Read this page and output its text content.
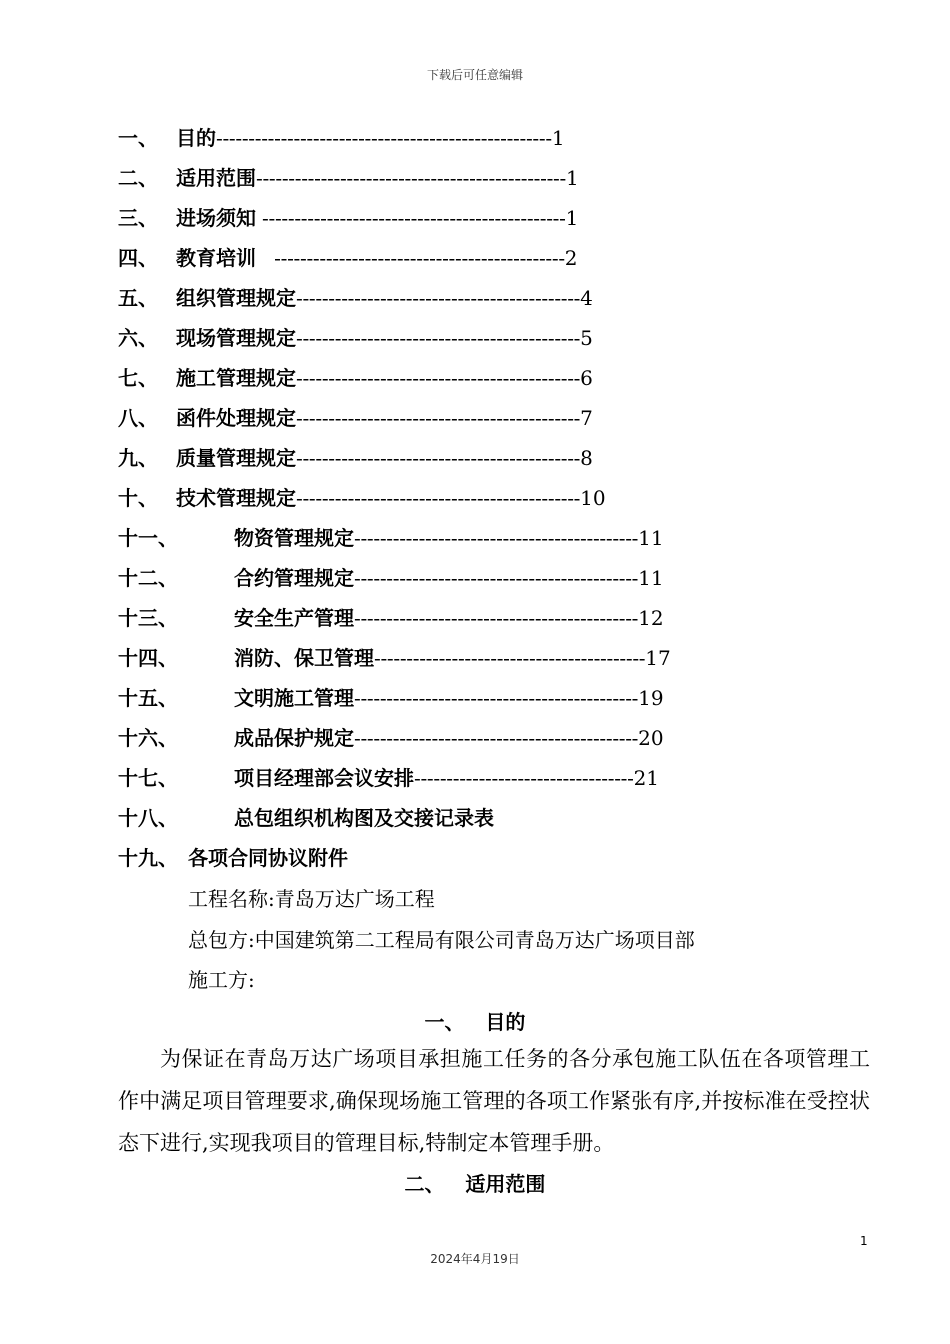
下载后可任意编辑
一、 目的----------------------------------------------------1
二、 适用范围------------------------------------------------1
三、 进场须知 -----------------------------------------------1
四、 教育培训   ---------------------------------------------2
五、 组织管理规定--------------------------------------------4
六、 现场管理规定--------------------------------------------5
七、 施工管理规定--------------------------------------------6
八、 函件处理规定--------------------------------------------7
九、 质量管理规定--------------------------------------------8
十、 技术管理规定--------------------------------------------10
十一、	物资管理规定--------------------------------------------11
十二、	合约管理规定--------------------------------------------11
十三、	安全生产管理--------------------------------------------12
十四、	消防、保卫管理------------------------------------------17
十五、	文明施工管理--------------------------------------------19
十六、	成品保护规定--------------------------------------------20
十七、	项目经理部会议安排----------------------------------21
十八、	总包组织机构图及交接记录表
十九、 各项合同协议附件
工程名称:青岛万达广场工程
总包方:中国建筑第二工程局有限公司青岛万达广场项目部
施工方:
一、   目的
为保证在青岛万达广场项目承担施工任务的各分承包施工队伍在各项管理工作中满足项目管理要求,确保现场施工管理的各项工作紧张有序,并按标准在受控状态下进行,实现我项目的管理目标,特制定本管理手册。
二、   适用范围
1
2024年4月19日
